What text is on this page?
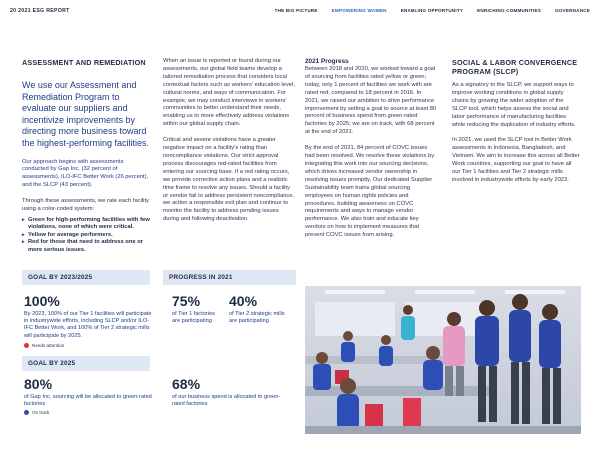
20 2021 ESG REPORT	THE BIG PICTURE	EMPOWERING WOMEN	ENABLING OPPORTUNITY	ENRICHING COMMUNITIES	GOVERNANCE
ASSESSMENT AND REMEDIATION
We use our Assessment and Remediation Program to evaluate our suppliers and incentivize improvements by directing more business toward the highest-performing facilities.
Our approach begins with assessments conducted by Gap Inc. (32 percent of assessments), ILO-IFC Better Work (26 percent), and the SLCP (43 percent).
Through these assessments, we rate each facility using a color-coded system:
▸ Green for high-performing facilities with few violations, none of which were critical.
▸ Yellow for average performers.
▸ Red for those that need to address one or more serious issues.
When an issue is reported or found during our assessments, our global field teams develop a tailored remediation process that considers local contextual factors such as workers' education level, cultural norms, and ways of communication. For example, we may conduct interviews in workers' communities to better understand their needs, enabling us to more effectively address violations within our global supply chain.
Critical and severe violations have a greater negative impact on a facility's rating than noncompliance violations. Our strict approval process discourages red-rated facilities from entering our sourcing base. If a red rating occurs, we provide corrective action plans and a realistic time frame to resolve any issues. Should a facility or vendor fail to address persistent noncompliance, we action a responsible exit plan and continue to monitor the facility to address pending issues during and following deactivation.
2021 Progress
Between 2018 and 2020, we worked toward a goal of sourcing from facilities rated yellow or green; today, only 1 percent of facilities we work with are rated red, compared to 18 percent in 2016. In 2021, we raised our ambition to drive performance improvement by setting a goal to source at least 80 percent of business spend from green-rated factories by 2025; we are on track, with 68 percent at the end of 2021.
By the end of 2021, 84 percent of COVC issues had been resolved. We resolve these violations by integrating this work into our sourcing decisions, which drives increased vendor ownership in resolving issues promptly. Our dedicated Supplier Sustainability team trains global sourcing employees on human rights policies and procedures, building awareness on COVC requirements and ways to manage vendor performance. We also train and educate key vendors on how to implement measures that prevent COVC issues from arising.
SOCIAL & LABOR CONVERGENCE PROGRAM (SLCP)
As a signatory to the SLCP, we support ways to improve working conditions in global supply chains by growing the wider adoption of the SLCP tool, which helps assess the social and labor performance of manufacturing facilities while reducing the duplication of industry efforts.
In 2021, we used the SLCP tool in Better Work assessments in Indonesia, Bangladesh, and Vietnam. We aim to increase this across all Better Work countries, supporting our goal to have all our Tier 1 facilities and Tier 2 strategic mills involved in industrywide efforts by early 2023.
GOAL BY 2023/2025	PROGRESS IN 2021
100%
By 2023, 100% of our Tier 1 facilities will participate in industrywide efforts, including SLCP and/or ILO-IFC Better Work, and 100% of Tier 2 strategic mills will participate by 2025.
Needs attention
75%
of Tier 1 factories are participating
40%
of Tier 2 strategic mills are participating
GOAL BY 2025
80%
of Gap Inc. sourcing will be allocated to green-rated factories
On track
68%
of our business spend is allocated to green-rated factories
